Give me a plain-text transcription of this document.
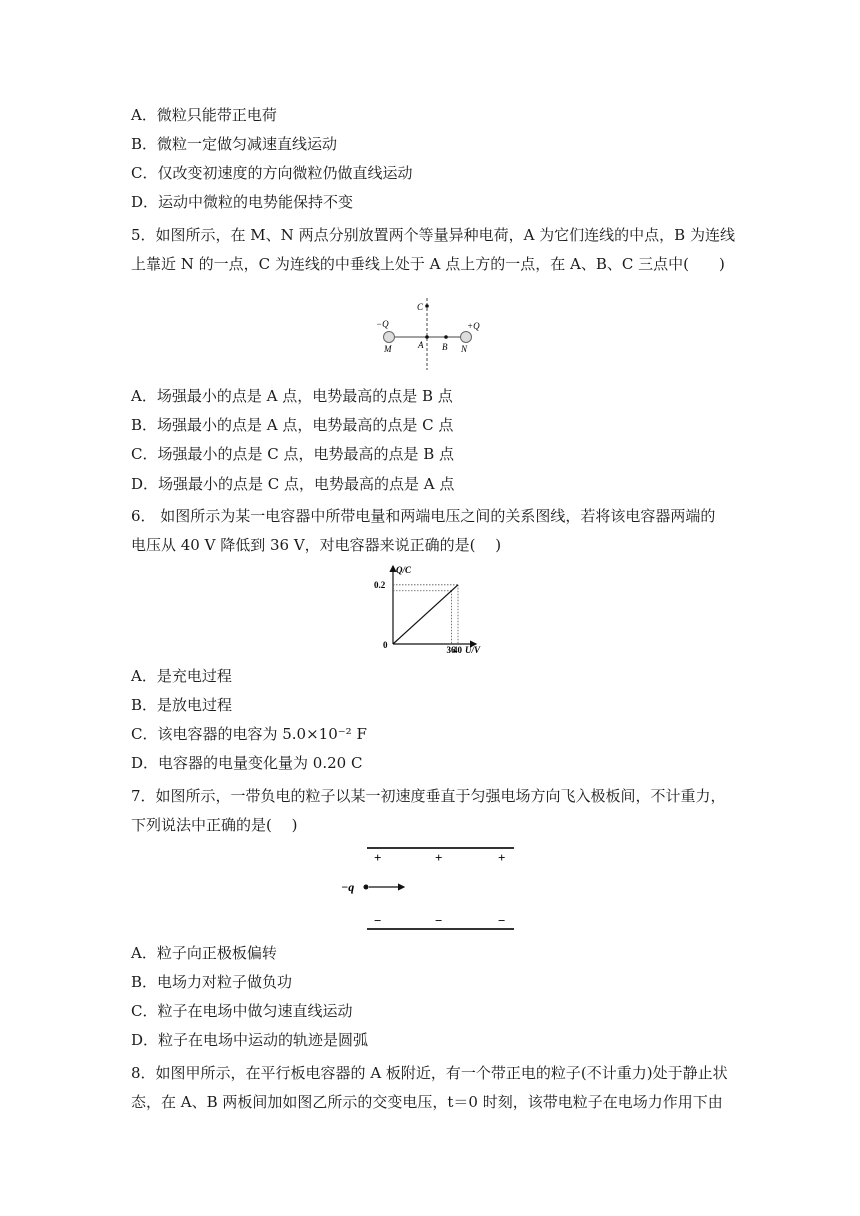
A．微粒只能带正电荷
B．微粒一定做匀减速直线运动
C．仅改变初速度的方向微粒仍做直线运动
D．运动中微粒的电势能保持不变
5．如图所示，在 M、N 两点分别放置两个等量异种电荷，A 为它们连线的中点，B 为连线
上靠近 N 的一点，C 为连线的中垂线上处于 A 点上方的一点，在 A、B、C 三点中(　　)
−Q	+Q
M	N
A B
C
A．场强最小的点是 A 点，电势最高的点是 B 点
B．场强最小的点是 A 点，电势最高的点是 C 点
C．场强最小的点是 C 点，电势最高的点是 B 点
D．场强最小的点是 C 点，电势最高的点是 A 点
6． 如图所示为某一电容器中所带电量和两端电压之间的关系图线，若将该电容器两端的
电压从 40 V 降低到 36 V，对电容器来说正确的是(　 )
36
40
0.2
Q/C
U/V
0
A．是充电过程
B．是放电过程
C．该电容器的电容为 5.0×10⁻² F
D．电容器的电量变化量为 0.20 C
7．如图所示，一带负电的粒子以某一初速度垂直于匀强电场方向飞入极板间，不计重力，
下列说法中正确的是(　 )
+	+	+
−	−	−
−q
A．粒子向正极板偏转
B．电场力对粒子做负功
C．粒子在电场中做匀速直线运动
D．粒子在电场中运动的轨迹是圆弧
8．如图甲所示，在平行板电容器的 A 板附近，有一个带正电的粒子(不计重力)处于静止状
态，在 A、B 两板间加如图乙所示的交变电压，t＝0 时刻，该带电粒子在电场力作用下由
